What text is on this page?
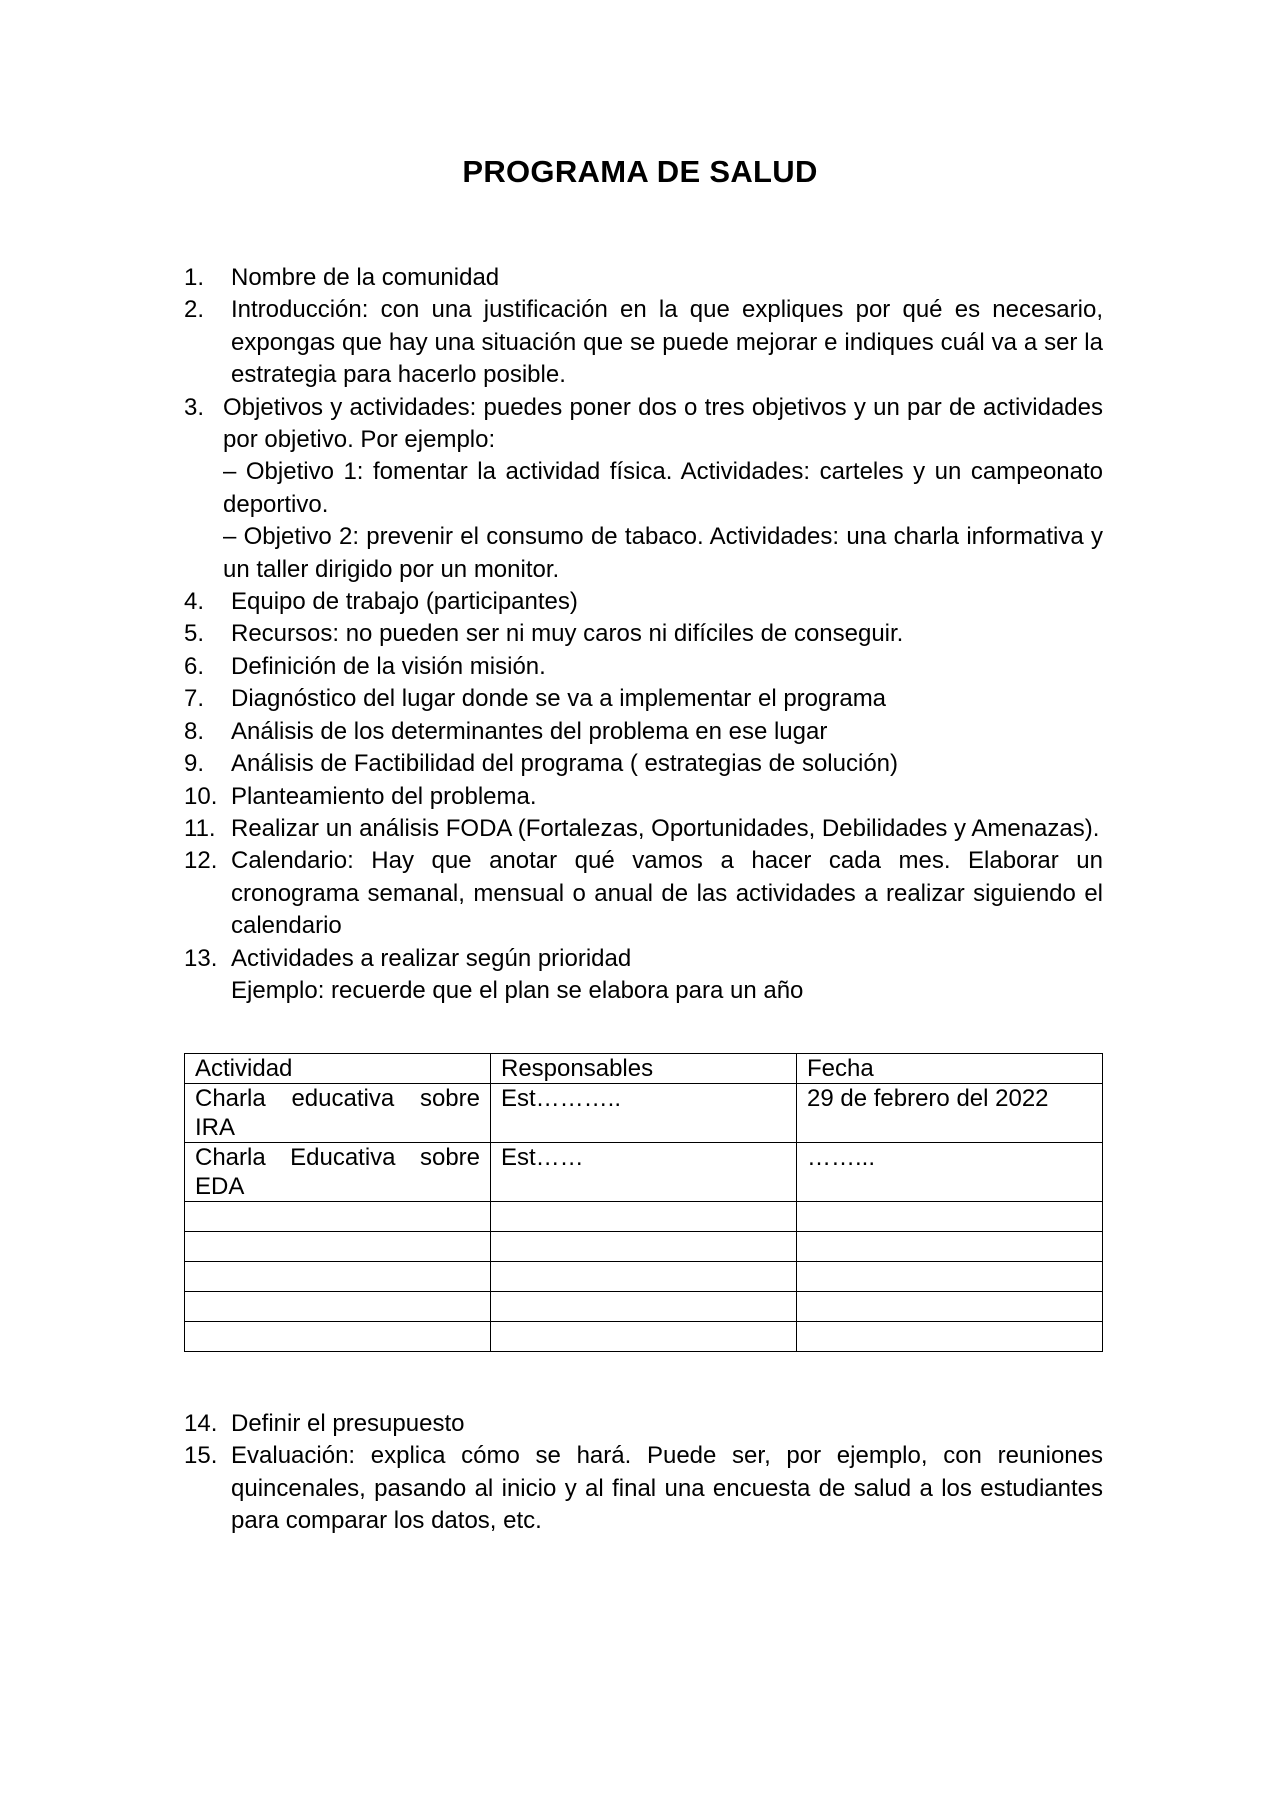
PROGRAMA DE SALUD
1. Nombre de la comunidad

2. Introducción: con una justificación en la que expliques por qué es necesario, expongas que hay una situación que se puede mejorar e indiques cuál va a ser la estrategia para hacerlo posible.

3. Objetivos y actividades: puedes poner dos o tres objetivos y un par de actividades por objetivo. Por ejemplo:

– Objetivo 1: fomentar la actividad física. Actividades: carteles y un campeonato deportivo.

– Objetivo 2: prevenir el consumo de tabaco. Actividades: una charla informativa y un taller dirigido por un monitor.

4. Equipo de trabajo (participantes)

5. Recursos: no pueden ser ni muy caros ni difíciles de conseguir.

6. Definición de la visión misión.

7. Diagnóstico del lugar donde se va a implementar el programa

8. Análisis de los determinantes del problema en ese lugar

9. Análisis de Factibilidad del programa ( estrategias de solución)

10. Planteamiento del problema.

11. Realizar un análisis FODA (Fortalezas, Oportunidades, Debilidades y Amenazas).

12. Calendario: Hay que anotar qué vamos a hacer cada mes. Elaborar un cronograma semanal, mensual o anual de las actividades a realizar siguiendo el calendario

13. Actividades a realizar según prioridad

Ejemplo: recuerde que el plan se elabora para un año

Actividad	Responsables	Fecha
Charla educativa sobre IRA	Est………..	29 de febrero del 2022
Charla Educativa sobre EDA	Est……	……...

14. Definir el presupuesto

15. Evaluación: explica cómo se hará. Puede ser, por ejemplo, con reuniones quincenales, pasando al inicio y al final una encuesta de salud a los estudiantes para comparar los datos, etc.
